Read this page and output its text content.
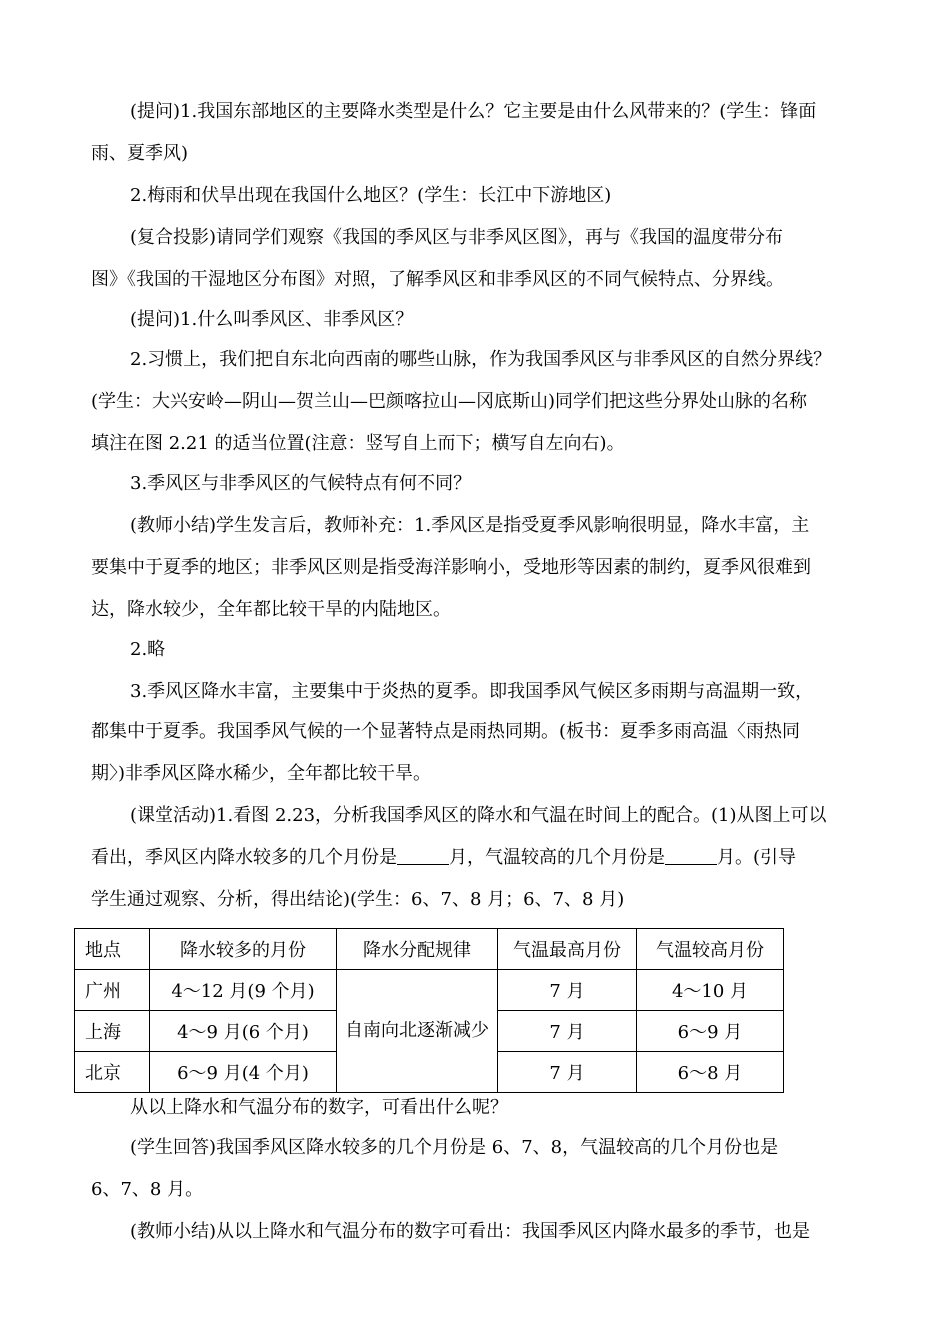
(提问)1.我国东部地区的主要降水类型是什么？它主要是由什么风带来的？(学生：锋面
雨、夏季风)
2.梅雨和伏旱出现在我国什么地区？(学生：长江中下游地区)
(复合投影)请同学们观察《我国的季风区与非季风区图》，再与《我国的温度带分布
图》《我国的干湿地区分布图》对照，了解季风区和非季风区的不同气候特点、分界线。
(提问)1.什么叫季风区、非季风区？
2.习惯上，我们把自东北向西南的哪些山脉，作为我国季风区与非季风区的自然分界线？
(学生：大兴安岭—阴山—贺兰山—巴颜喀拉山—冈底斯山)同学们把这些分界处山脉的名称
填注在图 2.21 的适当位置(注意：竖写自上而下；横写自左向右)。
3.季风区与非季风区的气候特点有何不同？
(教师小结)学生发言后，教师补充：1.季风区是指受夏季风影响很明显，降水丰富，主
要集中于夏季的地区；非季风区则是指受海洋影响小，受地形等因素的制约，夏季风很难到
达，降水较少，全年都比较干旱的内陆地区。
2.略
3.季风区降水丰富，主要集中于炎热的夏季。即我国季风气候区多雨期与高温期一致，
都集中于夏季。我国季风气候的一个显著特点是雨热同期。(板书：夏季多雨高温〈雨热同
期〉)非季风区降水稀少，全年都比较干旱。
(课堂活动)1.看图 2.23，分析我国季风区的降水和气温在时间上的配合。(1)从图上可以
看出，季风区内降水较多的几个月份是	月，气温较高的几个月份是	月。(引导
学生通过观察、分析，得出结论)(学生：6、7、8 月；6、7、8 月)
地点	降水较多的月份	降水分配规律	气温最高月份	气温较高月份
广州	4～12 月(9 个月)	自南向北逐渐减少	7 月	4～10 月
上海	4～9 月(6 个月)		7 月	6～9 月
北京	6～9 月(4 个月)		7 月	6～8 月
从以上降水和气温分布的数字，可看出什么呢？
(学生回答)我国季风区降水较多的几个月份是 6、7、8，气温较高的几个月份也是
6、7、8 月。
(教师小结)从以上降水和气温分布的数字可看出：我国季风区内降水最多的季节，也是
